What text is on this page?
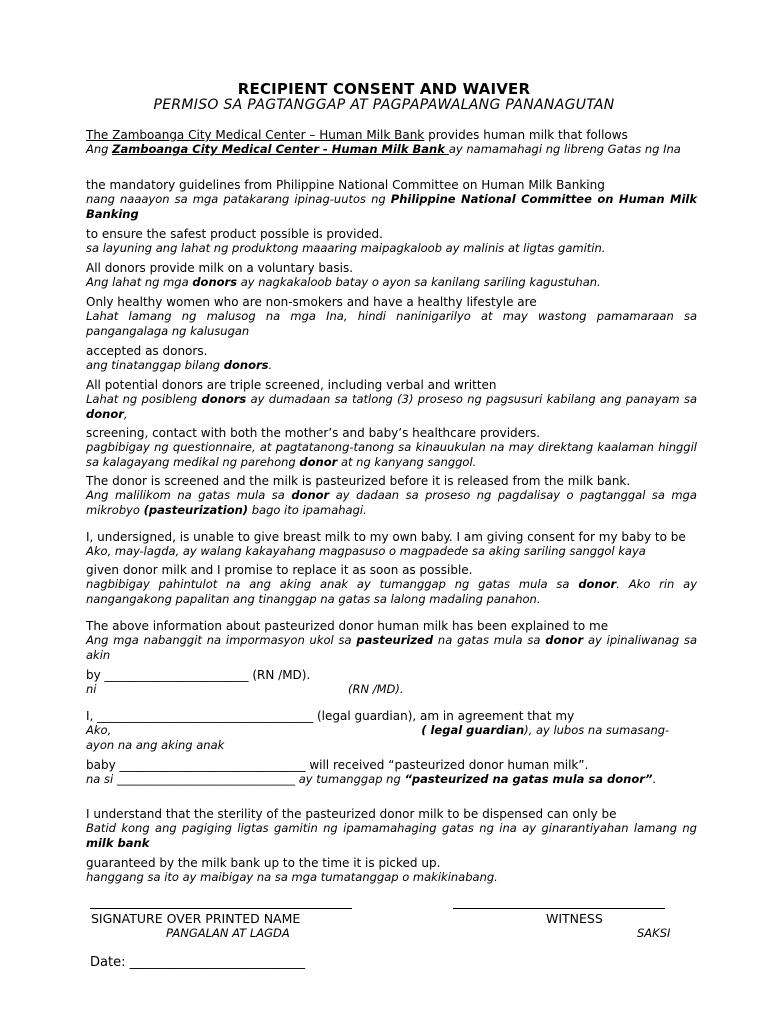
RECIPIENT CONSENT AND WAIVER
PERMISO SA PAGTANGGAP AT PAGPAPAWALANG PANANAGUTAN
The Zamboanga City Medical Center – Human Milk Bank provides human milk that follows
Ang Zamboanga City Medical Center - Human Milk Bank ay namamahagi ng libreng Gatas ng Ina
the mandatory guidelines from Philippine National Committee on Human Milk Banking
nang naaayon sa mga patakarang ipinag-uutos ng Philippine National Committee on Human Milk Banking
to ensure the safest product possible is provided.
sa layuning ang lahat ng produktong maaaring maipagkaloob ay malinis at ligtas gamitin.
All donors provide milk on a voluntary basis.
Ang lahat ng mga donors ay nagkakaloob batay o ayon sa kanilang sariling kagustuhan.
Only healthy women who are non-smokers and have a healthy lifestyle are
Lahat lamang ng malusog na mga Ina, hindi naninigarilyo at may wastong pamamaraan sa pangangalaga ng kalusugan
accepted as donors.
ang tinatanggap bilang donors.
All potential donors are triple screened, including verbal and written
Lahat ng posibleng donors ay dumadaan sa tatlong (3) proseso ng pagsusuri kabilang ang panayam sa donor,
screening, contact with both the mother’s and baby’s healthcare providers.
pagbibigay ng questionnaire, at pagtatanong-tanong sa kinauukulan na may direktang kaalaman hinggil sa kalagayang medikal ng parehong donor at ng kanyang sanggol.
The donor is screened and the milk is pasteurized before it is released from the milk bank.
Ang malilikom na gatas mula sa donor ay dadaan sa proseso ng pagdalisay o pagtanggal sa mga mikrobyo (pasteurization) bago ito ipamahagi.
I, undersigned, is unable to give breast milk to my own baby. I am giving consent for my baby to be
Ako, may-lagda, ay walang kakayahang magpasuso o magpadede sa aking sariling sanggol kaya
given donor milk and I promise to replace it as soon as possible.
nagbibigay pahintulot na ang aking anak ay tumanggap ng gatas mula sa donor. Ako rin ay nangangakong papalitan ang tinanggap na gatas sa lalong madaling panahon.
The above information about pasteurized donor human milk has been explained to me
Ang mga nabanggit na impormasyon ukol sa pasteurized na gatas mula sa donor ay ipinaliwanag sa akin
by ________________________ (RN /MD).
ni	(RN /MD).
I, ____________________________________ (legal guardian), am in agreement that my
Ako,	( legal guardian), ay lubos na sumasang-ayon na ang aking anak
baby _______________________________ will received “pasteurized donor human milk”.
na si _______________________________ ay tumanggap ng “pasteurized na gatas mula sa donor”.
I understand that the sterility of the pasteurized donor milk to be dispensed can only be
Batid kong ang pagiging ligtas gamitin ng ipamamahaging gatas ng ina ay ginarantiyahan lamang ng milk bank
guaranteed by the milk bank up to the time it is picked up.
hanggang sa ito ay maibigay na sa mga tumatanggap o makikinabang.
SIGNATURE OVER PRINTED NAME	WITNESS
PANGALAN AT LAGDA	SAKSI
Date: ___________________________
